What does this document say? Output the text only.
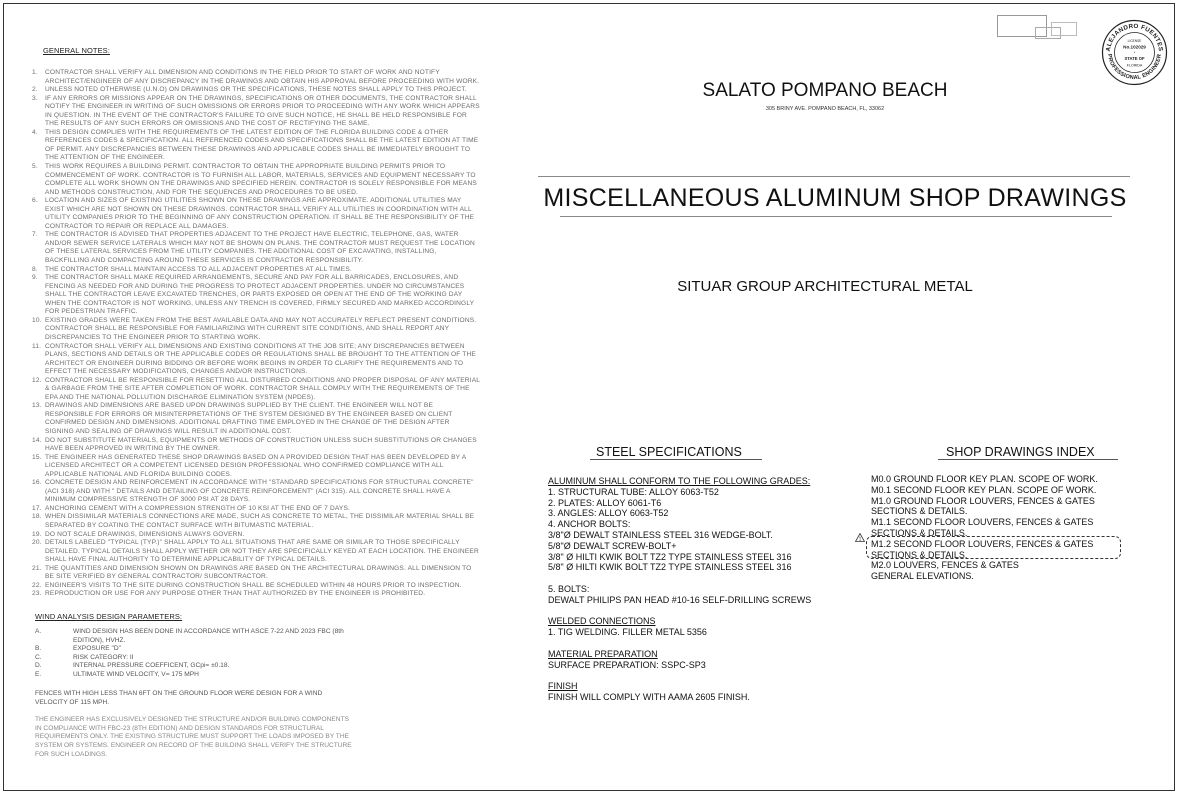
GENERAL NOTES:
1.	CONTRACTOR SHALL VERIFY ALL DIMENSION AND CONDITIONS IN THE FIELD PRIOR TO START OF WORK AND NOTIFY ARCHITECT/ENGINEER OF ANY DISCREPANCY IN THE DRAWINGS AND OBTAIN HIS APPROVAL BEFORE PROCEEDING WITH WORK.
2.	UNLESS NOTED OTHERWISE (U.N.O) ON DRAWINGS OR THE SPECIFICATIONS, THESE NOTES SHALL APPLY TO THIS PROJECT.
3.	IF ANY ERRORS OR MISSIONS APPEAR ON THE DRAWINGS, SPECIFICATIONS OR OTHER DOCUMENTS, THE CONTRACTOR SHALL NOTIFY THE ENGINEER IN WRITING OF SUCH OMISSIONS OR ERRORS PRIOR TO PROCEEDING WITH ANY WORK WHICH APPEARS IN QUESTION. IN THE EVENT OF THE CONTRACTOR'S FAILURE TO GIVE SUCH NOTICE, HE SHALL BE HELD RESPONSIBLE FOR THE RESULTS OF ANY SUCH ERRORS OR OMISSIONS AND THE COST OF RECTIFYING THE SAME.
4.	THIS DESIGN COMPLIES WITH THE REQUIREMENTS OF THE LATEST EDITION OF THE FLORIDA BUILDING CODE & OTHER REFERENCES CODES & SPECIFICATION. ALL REFERENCED CODES AND SPECIFICATIONS SHALL BE THE LATEST EDITION AT TIME OF PERMIT. ANY DISCREPANCIES BETWEEN THESE DRAWINGS AND APPLICABLE CODES SHALL BE IMMEDIATELY BROUGHT TO THE ATTENTION OF THE ENGINEER.
5.	THIS WORK REQUIRES A BUILDING PERMIT. CONTRACTOR TO OBTAIN THE APPROPRIATE BUILDING PERMITS PRIOR TO COMMENCEMENT OF WORK. CONTRACTOR IS TO FURNISH ALL LABOR, MATERIALS, SERVICES AND EQUIPMENT NECESSARY TO COMPLETE ALL WORK SHOWN ON THE DRAWINGS AND SPECIFIED HEREIN. CONTRACTOR IS SOLELY RESPONSIBLE FOR MEANS AND METHODS CONSTRUCTION, AND FOR THE SEQUENCES AND PROCEDURES TO BE USED.
6.	LOCATION AND SIZES OF EXISTING UTILITIES SHOWN ON THESE DRAWINGS ARE APPROXIMATE. ADDITIONAL UTILITIES MAY EXIST WHICH ARE NOT SHOWN ON THESE DRAWINGS. CONTRACTOR SHALL VERIFY ALL UTILITIES IN COORDINATION WITH ALL UTILITY COMPANIES PRIOR TO THE BEGINNING OF ANY CONSTRUCTION OPERATION. IT SHALL BE THE RESPONSIBILITY OF THE CONTRACTOR TO REPAIR OR REPLACE ALL DAMAGES.
7.	THE CONTRACTOR IS ADVISED THAT PROPERTIES ADJACENT TO THE PROJECT HAVE ELECTRIC, TELEPHONE, GAS, WATER AND/OR SEWER SERVICE LATERALS WHICH MAY NOT BE SHOWN ON PLANS. THE CONTRACTOR MUST REQUEST THE LOCATION OF THESE LATERAL SERVICES FROM THE UTILITY COMPANIES. THE ADDITIONAL COST OF EXCAVATING, INSTALLING, BACKFILLING AND COMPACTING AROUND THESE SERVICES IS CONTRACTOR RESPONSIBILITY.
8.	THE CONTRACTOR SHALL MAINTAIN ACCESS TO ALL ADJACENT PROPERTIES AT ALL TIMES.
9.	THE CONTRACTOR SHALL MAKE REQUIRED ARRANGEMENTS, SECURE AND PAY FOR ALL BARRICADES, ENCLOSURES, AND FENCING AS NEEDED FOR AND DURING THE PROGRESS TO PROTECT ADJACENT PROPERTIES. UNDER NO CIRCUMSTANCES SHALL THE CONTRACTOR LEAVE EXCAVATED TRENCHES, OR PARTS EXPOSED OR OPEN AT THE END OF THE WORKING DAY WHEN THE CONTRACTOR IS NOT WORKING, UNLESS ANY TRENCH IS COVERED, FIRMLY SECURED AND MARKED ACCORDINGLY FOR PEDESTRIAN TRAFFIC.
10. EXISTING GRADES WERE TAKEN FROM THE BEST AVAILABLE DATA AND MAY NOT ACCURATELY REFLECT PRESENT CONDITIONS. CONTRACTOR SHALL BE RESPONSIBLE FOR FAMILIARIZING WITH CURRENT SITE CONDITIONS, AND SHALL REPORT ANY DISCREPANCIES TO THE ENGINEER PRIOR TO STARTING WORK.
11. CONTRACTOR SHALL VERIFY ALL DIMENSIONS AND EXISTING CONDITIONS AT THE JOB SITE; ANY DISCREPANCIES BETWEEN PLANS, SECTIONS AND DETAILS OR THE APPLICABLE CODES OR REGULATIONS SHALL BE BROUGHT TO THE ATTENTION OF THE ARCHITECT OR ENGINEER DURING BIDDING OR BEFORE WORK BEGINS IN ORDER TO CLARIFY THE REQUIREMENTS AND TO EFFECT THE NECESSARY MODIFICATIONS, CHANGES AND/OR INSTRUCTIONS.
12. CONTRACTOR SHALL BE RESPONSIBLE FOR RESETTING ALL DISTURBED CONDITIONS AND PROPER DISPOSAL OF ANY MATERIAL & GARBAGE FROM THE SITE AFTER COMPLETION OF WORK. CONTRACTOR SHALL COMPLY WITH THE REQUIREMENTS OF THE EPA AND THE NATIONAL POLLUTION DISCHARGE ELIMINATION SYSTEM (NPDES).
13. DRAWINGS AND DIMENSIONS ARE BASED UPON DRAWINGS SUPPLIED BY THE CLIENT. THE ENGINEER WILL NOT BE RESPONSIBLE FOR ERRORS OR MISINTERPRETATIONS OF THE SYSTEM DESIGNED BY THE ENGINEER BASED ON CLIENT CONFIRMED DESIGN AND DIMENSIONS. ADDITIONAL DRAFTING TIME EMPLOYED IN THE CHANGE OF THE DESIGN AFTER SIGNING AND SEALING OF DRAWINGS WILL RESULT IN ADDITIONAL COST.
14. DO NOT SUBSTITUTE MATERIALS, EQUIPMENTS OR METHODS OF CONSTRUCTION UNLESS SUCH SUBSTITUTIONS OR CHANGES HAVE BEEN APPROVED IN WRITING BY THE OWNER.
15. THE ENGINEER HAS GENERATED THESE SHOP DRAWINGS BASED ON A PROVIDED DESIGN THAT HAS BEEN DEVELOPED BY A LICENSED ARCHITECT OR A COMPETENT LICENSED DESIGN PROFESSIONAL WHO CONFIRMED COMPLIANCE WITH ALL APPLICABLE NATIONAL AND FLORIDA BUILDING CODES.
16. CONCRETE DESIGN AND REINFORCEMENT IN ACCORDANCE WITH "STANDARD SPECIFICATIONS FOR STRUCTURAL CONCRETE" (ACI 318) AND WITH " DETAILS AND DETAILING OF CONCRETE REINFORCEMENT" (ACI 315). ALL CONCRETE SHALL HAVE A MINIMUM COMPRESSIVE STRENGTH OF 3000 PSI AT 28 DAYS.
17. ANCHORING CEMENT WITH A COMPRESSION STRENGTH OF 10 KSI AT THE END OF 7 DAYS.
18. WHEN DISSIMILAR MATERIALS CONNECTIONS ARE MADE, SUCH AS CONCRETE TO METAL, THE DISSIMILAR MATERIAL SHALL BE SEPARATED BY COATING THE CONTACT SURFACE WITH BITUMASTIC MATERIAL.
19. DO NOT SCALE DRAWINGS, DIMENSIONS ALWAYS GOVERN.
20. DETAILS LABELED "TYPICAL (TYP.)" SHALL APPLY TO ALL SITUATIONS THAT ARE SAME OR SIMILAR TO THOSE SPECIFICALLY DETAILED. TYPICAL DETAILS SHALL APPLY WETHER OR NOT THEY ARE SPECIFICALLY KEYED AT EACH LOCATION. THE ENGINEER SHALL HAVE FINAL AUTHORITY TO DETERMINE APPLICABILITY OF TYPICAL DETAILS.
21. THE QUANTITIES AND DIMENSION SHOWN ON DRAWINGS ARE BASED ON THE ARCHITECTURAL DRAWINGS. ALL DIMENSION TO BE SITE VERIFIED BY GENERAL CONTRACTOR/ SUBCONTRACTOR.
22. ENGINEER'S VISITS TO THE SITE DURING CONSTRUCTION SHALL BE SCHEDULED WITHIN 48 HOURS PRIOR TO INSPECTION.
23. REPRODUCTION OR USE FOR ANY PURPOSE OTHER THAN THAT AUTHORIZED BY THE ENGINEER IS PROHIBITED.
WIND ANALYSIS DESIGN PARAMETERS:
A.	WIND DESIGN HAS BEEN DONE IN ACCORDANCE WITH ASCE 7-22 AND 2023 FBC (8th EDITION), HVHZ.
B.	EXPOSURE "D"
C.	RISK CATEGORY: II
D.	INTERNAL PRESSURE COEFFICENT, GCpi= ±0.18.
E.	ULTIMATE WIND VELOCITY, V= 175 MPH
FENCES WITH HIGH LESS THAN 6FT ON THE GROUND FLOOR WERE DESIGN FOR A WIND VELOCITY OF 115 MPH.
THE ENGINEER HAS EXCLUSIVELY DESIGNED THE STRUCTURE AND/OR BUILDING COMPONENTS IN COMPLIANCE WITH FBC-23 (8TH EDITION) AND DESIGN STANDARDS FOR STRUCTURAL REQUIREMENTS ONLY. THE EXISTING STRUCTURE MUST SUPPORT THE LOADS IMPOSED BY THE SYSTEM OR SYSTEMS. ENGINEER ON RECORD OF THE BUILDING SHALL VERIFY THE STRUCTURE FOR SUCH LOADINGS.
SALATO POMPANO BEACH
305 BRINY AVE. POMPANO BEACH, FL, 33062
MISCELLANEOUS ALUMINUM SHOP DRAWINGS
SITUAR GROUP ARCHITECTURAL METAL
STEEL SPECIFICATIONS
ALUMINUM SHALL CONFORM TO THE FOLLOWING GRADES:
1. STRUCTURAL TUBE: ALLOY 6063-T52
2. PLATES: ALLOY 6061-T6
3. ANGLES: ALLOY 6063-T52
4. ANCHOR BOLTS:
3/8"Ø DEWALT STAINLESS STEEL 316 WEDGE-BOLT.
5/8"Ø DEWALT SCREW-BOLT+
3/8" Ø HILTI KWIK BOLT TZ2 TYPE STAINLESS STEEL 316
5/8" Ø HILTI KWIK BOLT TZ2 TYPE STAINLESS STEEL 316
5. BOLTS:
DEWALT PHILIPS PAN HEAD #10-16 SELF-DRILLING SCREWS
WELDED CONNECTIONS
1. TIG WELDING. FILLER METAL 5356
MATERIAL PREPARATION
SURFACE PREPARATION: SSPC-SP3
FINISH
FINISH WILL COMPLY WITH AAMA 2605 FINISH.
SHOP DRAWINGS INDEX
M0.0 GROUND FLOOR KEY PLAN. SCOPE OF WORK.
M0.1 SECOND FLOOR KEY PLAN. SCOPE OF WORK.
M1.0 GROUND FLOOR LOUVERS, FENCES & GATES
SECTIONS & DETAILS.
M1.1 SECOND FLOOR LOUVERS, FENCES & GATES
SECTIONS & DETAILS.
M1.2 SECOND FLOOR LOUVERS, FENCES & GATES
SECTIONS & DETAILS.
M2.0 LOUVERS, FENCES & GATES
GENERAL ELEVATIONS.
1
ALEJANDRO FUENTES
PROFESSIONAL ENGINEER
LICENSE
No.102029
*
STATE OF
FLORIDA
